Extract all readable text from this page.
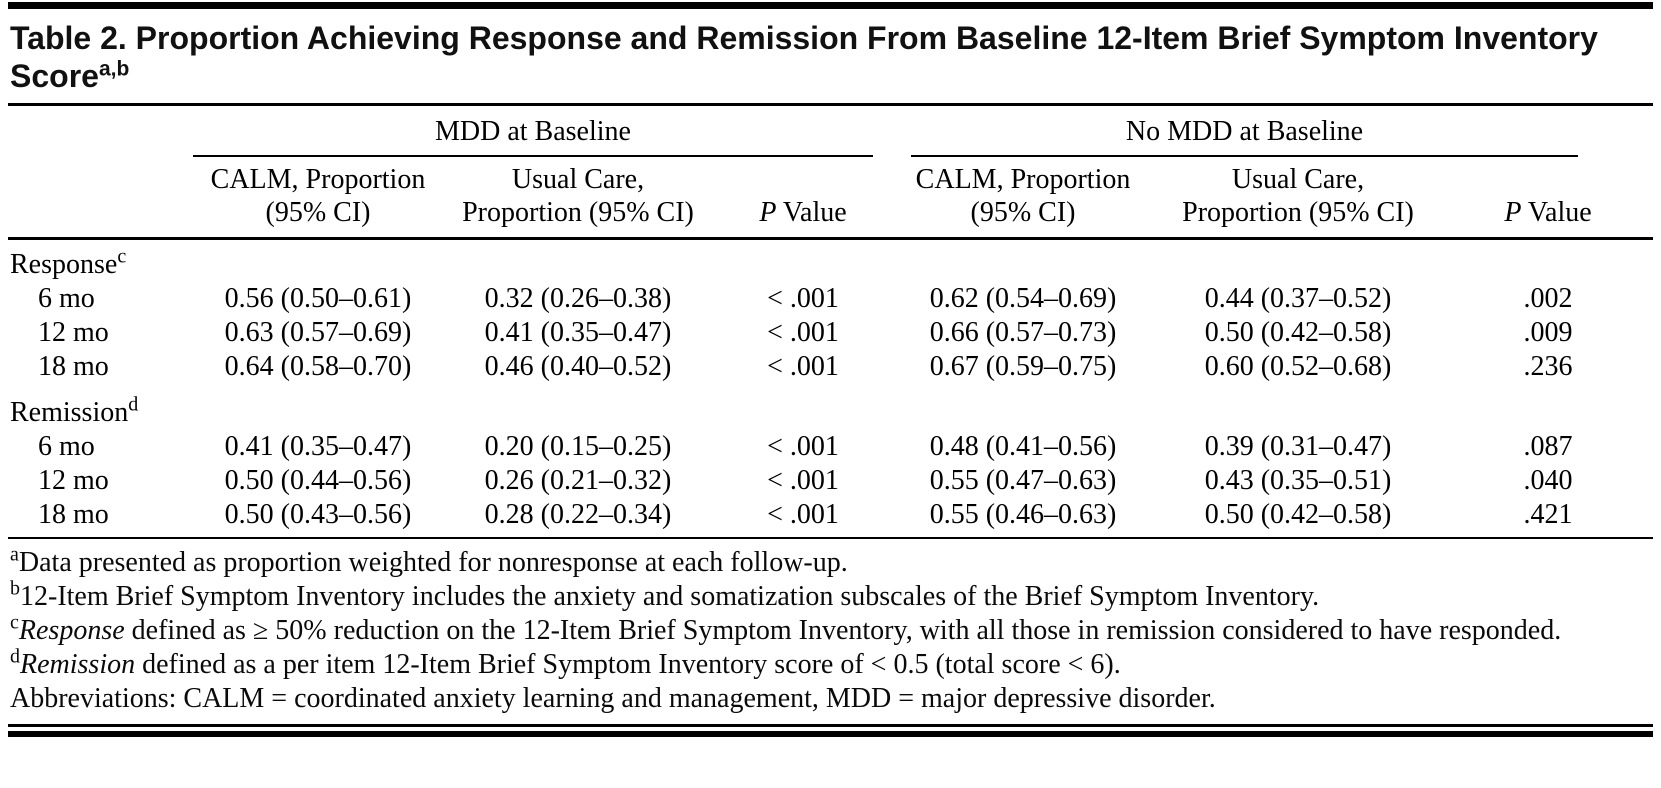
Table 2. Proportion Achieving Response and Remission From Baseline 12-Item Brief Symptom Inventory Score$^{a,b}$

	MDD at Baseline			No MDD at Baseline		

CALM, Proportion
(95% CI)

Usual Care,
Proportion (95% CI)	P Value	
CALM, Proportion
(95% CI)

Usual Care,
Proportion (95% CI)	P Value
Response$^c$
6 mo	0.56 (0.50–0.61)	0.32 (0.26–0.38)	< .001	0.62 (0.54–0.69)	0.44 (0.37–0.52)	.002
12 mo	0.63 (0.57–0.69)	0.41 (0.35–0.47)	< .001	0.66 (0.57–0.73)	0.50 (0.42–0.58)	.009
18 mo	0.64 (0.58–0.70)	0.46 (0.40–0.52)	< .001	0.67 (0.59–0.75)	0.60 (0.52–0.68)	.236
Remission$^d$
6 mo	0.41 (0.35–0.47)	0.20 (0.15–0.25)	< .001	0.48 (0.41–0.56)	0.39 (0.31–0.47)	.087
12 mo	0.50 (0.44–0.56)	0.26 (0.21–0.32)	< .001	0.55 (0.47–0.63)	0.43 (0.35–0.51)	.040
18 mo	0.50 (0.43–0.56)	0.28 (0.22–0.34)	< .001	0.55 (0.46–0.63)	0.50 (0.42–0.58)	.421
$^a$Data presented as proportion weighted for nonresponse at each follow-up.
$^b$12-Item Brief Symptom Inventory includes the anxiety and somatization subscales of the Brief Symptom Inventory.
$^c$Response defined as ≥ 50% reduction on the 12-Item Brief Symptom Inventory, with all those in remission considered to have responded.
$^d$Remission defined as a per item 12-Item Brief Symptom Inventory score of < 0.5 (total score < 6).
Abbreviations: CALM = coordinated anxiety learning and management, MDD = major depressive disorder.
